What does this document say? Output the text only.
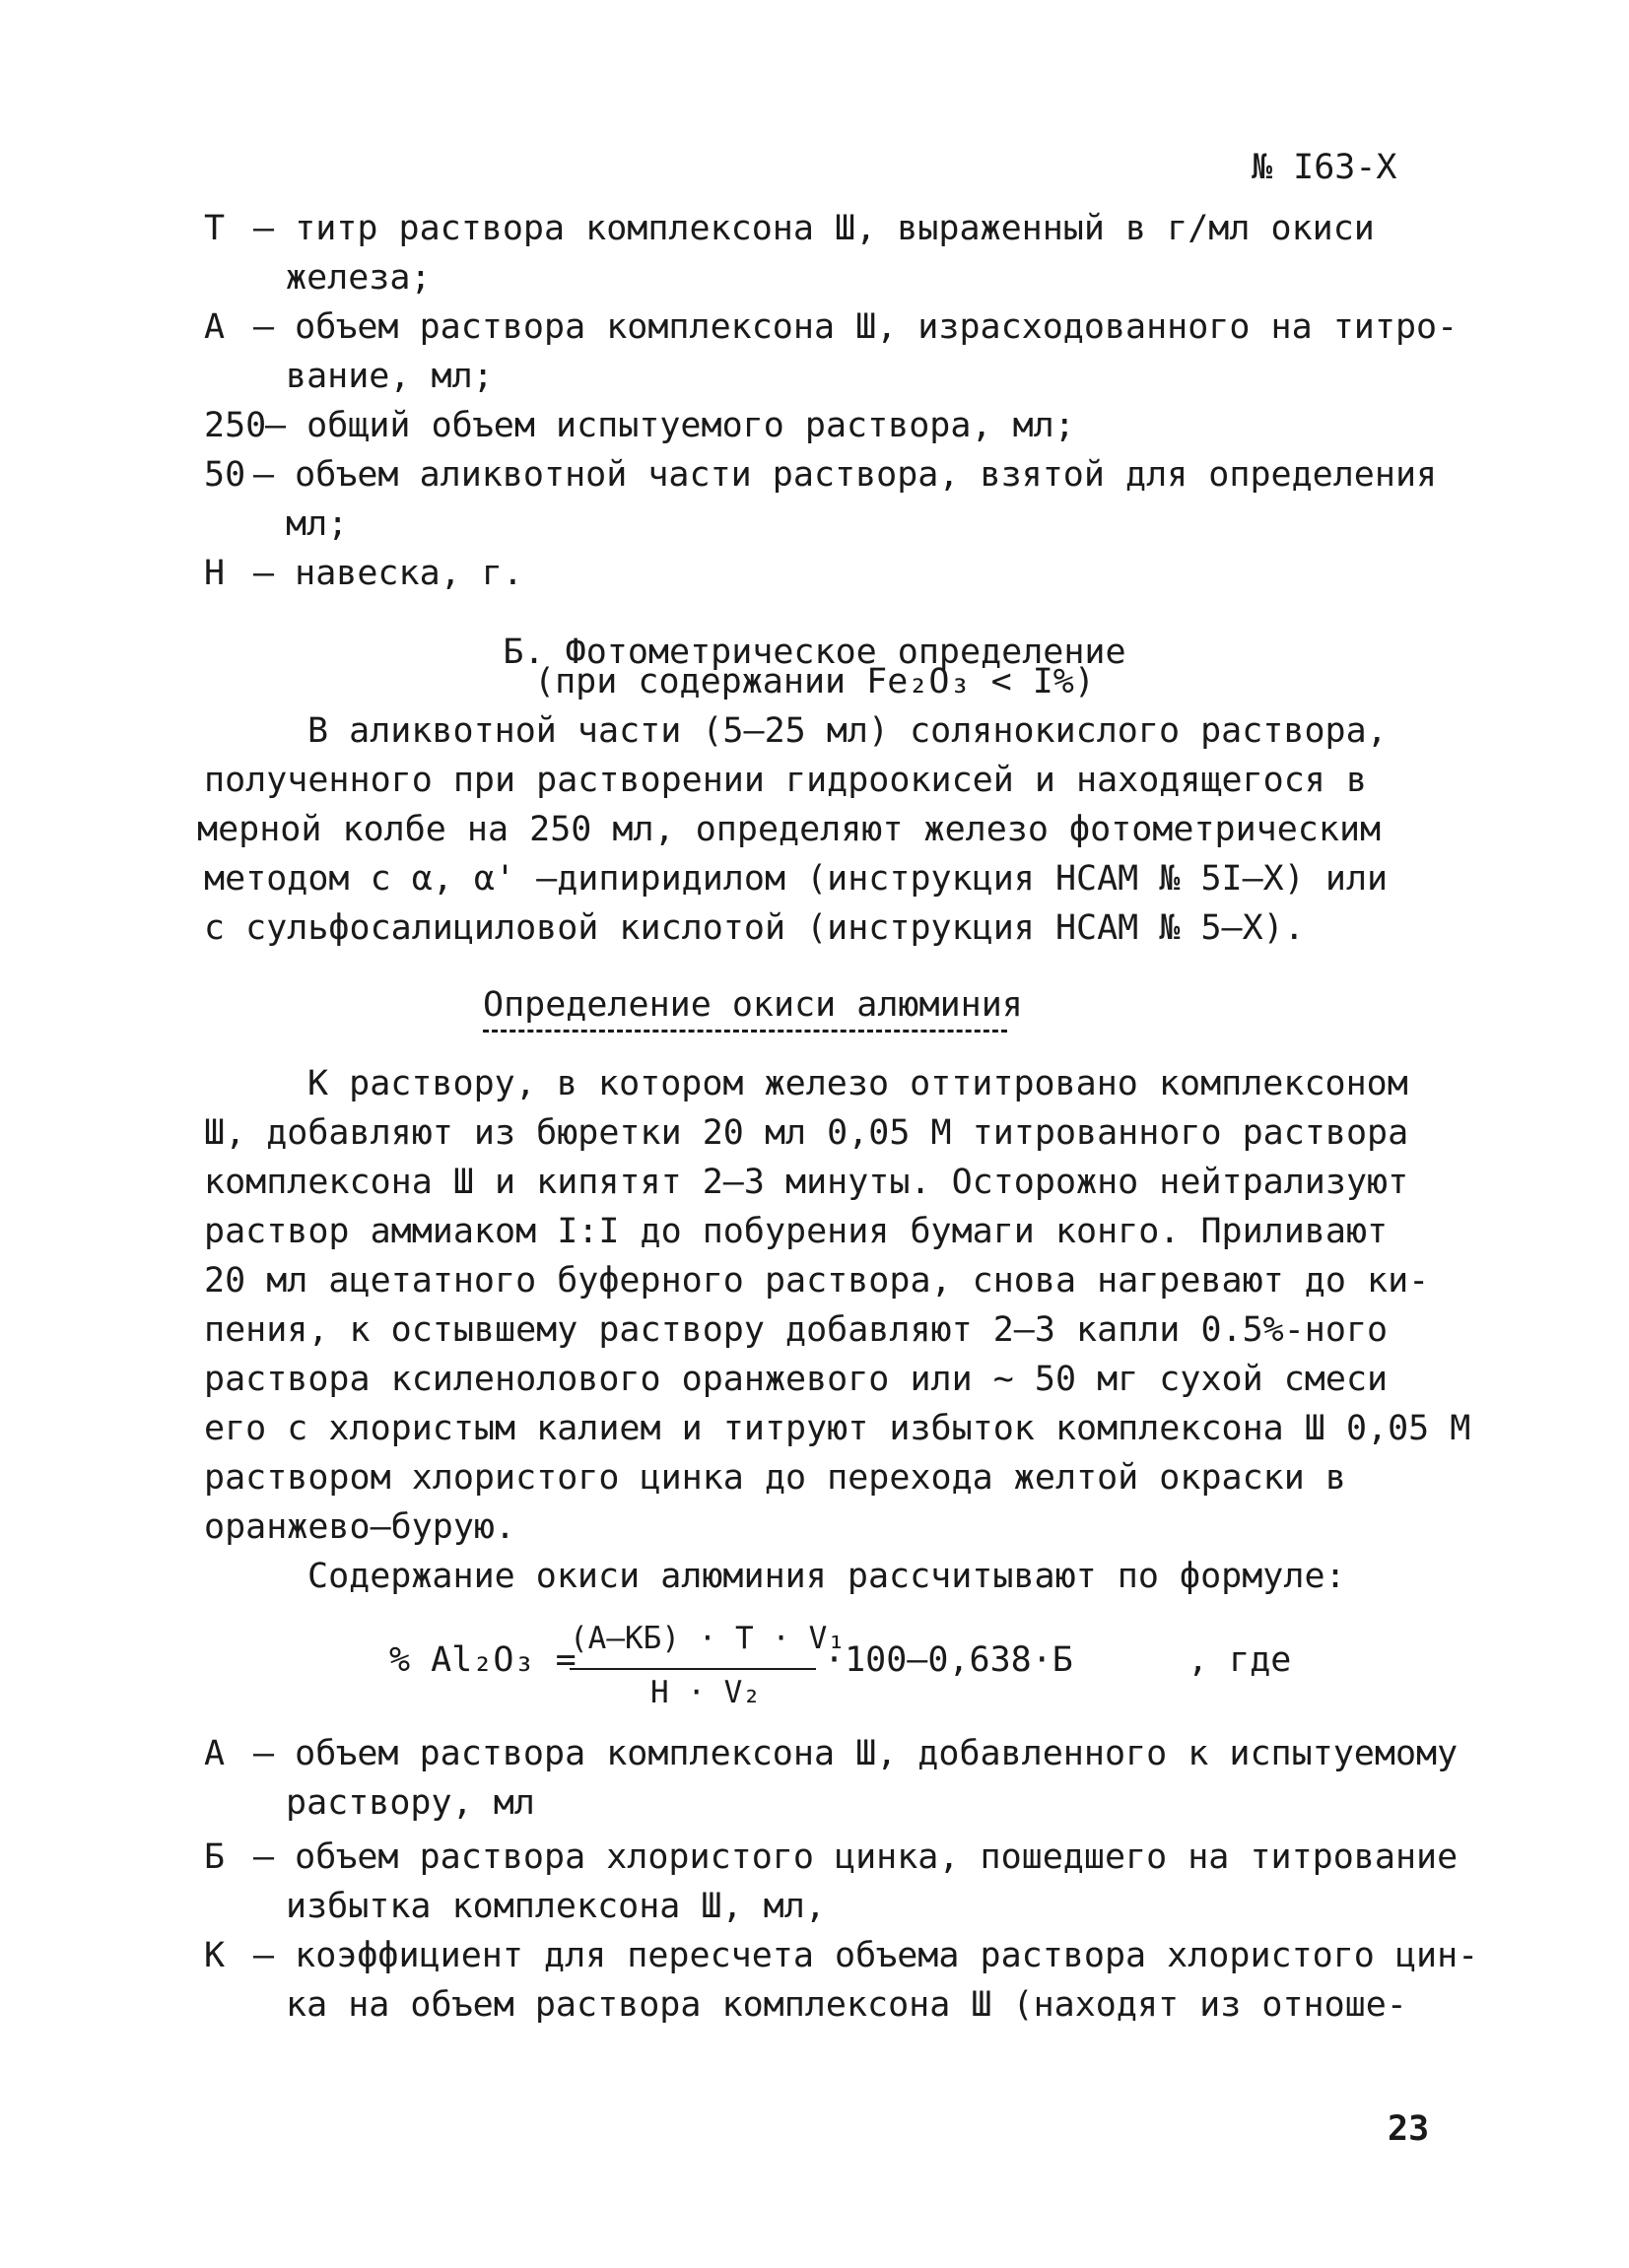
№ I63-X
Т – титр раствора комплексона Ш, выраженный в г/мл окиси
железа;
А – объем раствора комплексона Ш, израсходованного на титро-
вание, мл;
250
– общий объем испытуемого раствора, мл;
50 – объем аликвотной части раствора, взятой для определения
мл;
Н – навеска, г.
Б. Фотометрическое определение
(при содержании Fe₂O₃ < I%)
В аликвотной части (5–25 мл) солянокислого раствора,
полученного при растворении гидроокисей и находящегося в
мерной колбе на 250 мл, определяют железо фотометрическим
методом с α, α' –дипиридилом (инструкция НСАМ № 5I–X) или
с сульфосалициловой кислотой (инструкция НСАМ № 5–X).
Определение окиси алюминия
К раствору, в котором железо оттитровано комплексоном
Ш, добавляют из бюретки 20 мл 0,05 М титрованного раствора
комплексона Ш и кипятят 2–3 минуты. Осторожно нейтрализуют
раствор аммиаком I:I до побурения бумаги конго. Приливают
20 мл ацетатного буферного раствора, снова нагревают до ки-
пения, к остывшему раствору добавляют 2–3 капли 0.5%-ного
раствора ксиленолового оранжевого или ~ 50 мг сухой смеси
его с хлористым калием и титруют избыток комплексона Ш 0,05 М
раствором хлористого цинка до перехода желтой окраски в
оранжево–бурую.
Содержание окиси алюминия рассчитывают по формуле:
% Al₂O₃ =
(A–KБ) · T · V₁
Н · V₂
·100–0,638·Б	, где
А – объем раствора комплексона Ш, добавленного к испытуемому
раствору, мл
Б – объем раствора хлористого цинка, пошедшего на титрование
избытка комплексона Ш, мл,
К – коэффициент для пересчета объема раствора хлористого цин-
ка на объем раствора комплексона Ш (находят из отноше-
23
